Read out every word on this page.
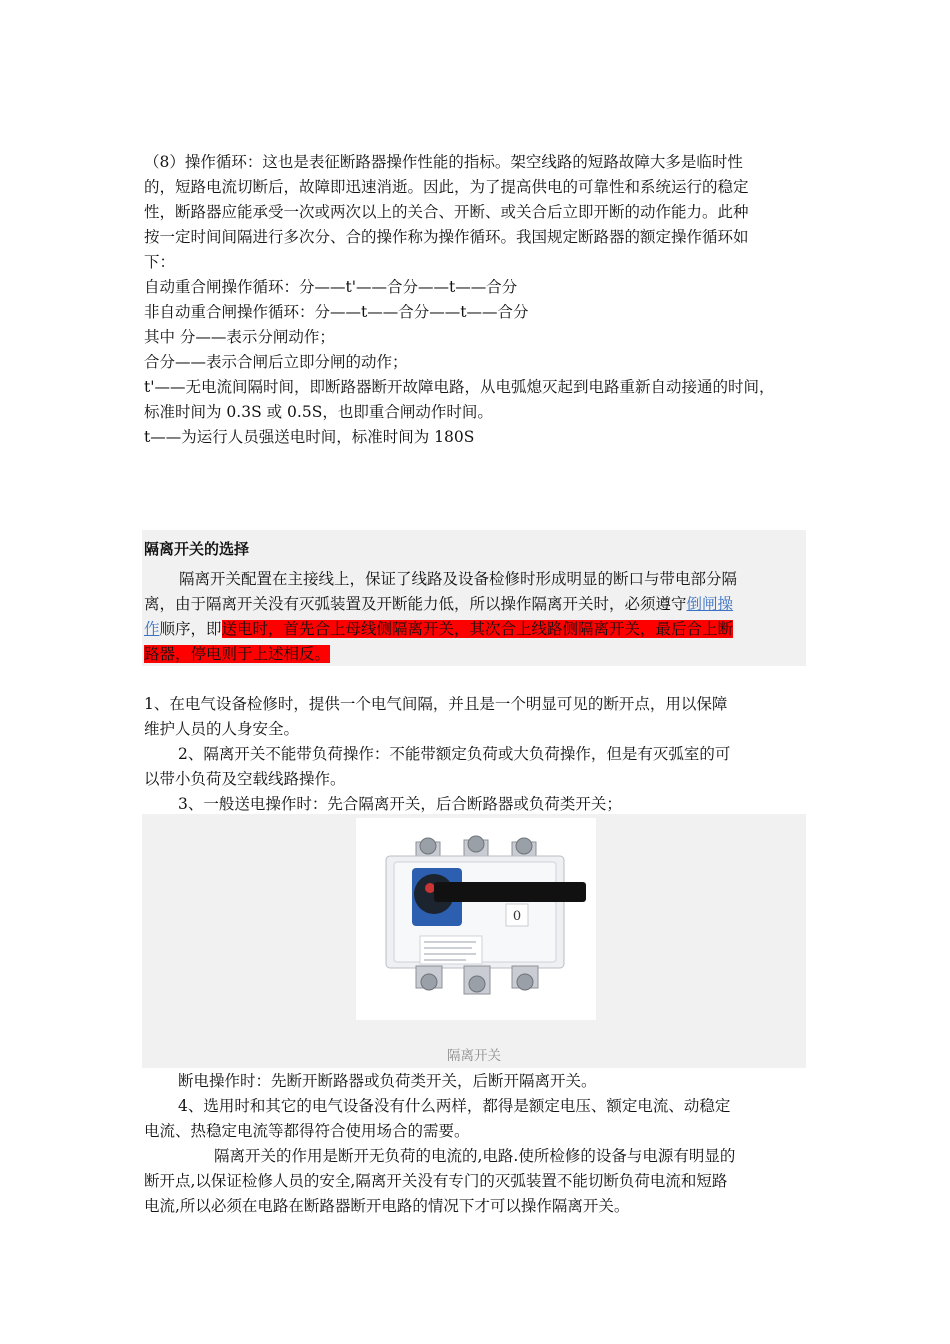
（8）操作循环：这也是表征断路器操作性能的指标。架空线路的短路故障大多是临时性
的，短路电流切断后，故障即迅速消逝。因此，为了提高供电的可靠性和系统运行的稳定
性，断路器应能承受一次或两次以上的关合、开断、或关合后立即开断的动作能力。此种
按一定时间间隔进行多次分、合的操作称为操作循环。我国规定断路器的额定操作循环如
下：
自动重合闸操作循环：分——t'——合分——t——合分
非自动重合闸操作循环：分——t——合分——t——合分
其中 分——表示分闸动作；
合分——表示合闸后立即分闸的动作；
t'——无电流间隔时间，即断路器断开故障电路，从电弧熄灭起到电路重新自动接通的时间，
标准时间为 0.3S 或 0.5S，也即重合闸动作时间。
t——为运行人员强送电时间，标准时间为 180S
隔离开关的选择
隔离开关配置在主接线上，保证了线路及设备检修时形成明显的断口与带电部分隔
离，由于隔离开关没有灭弧装置及开断能力低，所以操作隔离开关时，必须遵守倒闸操
作顺序，即送电时，首先合上母线侧隔离开关，其次合上线路侧隔离开关，最后合上断
路器，停电则于上述相反。
1、在电气设备检修时，提供一个电气间隔，并且是一个明显可见的断开点，用以保障
维护人员的人身安全。
2、隔离开关不能带负荷操作：不能带额定负荷或大负荷操作，但是有灭弧室的可
以带小负荷及空载线路操作。
3、一般送电操作时：先合隔离开关，后合断路器或负荷类开关；
0
隔离开关
断电操作时：先断开断路器或负荷类开关，后断开隔离开关。
4、选用时和其它的电气设备没有什么两样，都得是额定电压、额定电流、动稳定
电流、热稳定电流等都得符合使用场合的需要。
隔离开关的作用是断开无负荷的电流的,电路.使所检修的设备与电源有明显的
断开点,以保证检修人员的安全,隔离开关没有专门的灭弧装置不能切断负荷电流和短路
电流,所以必须在电路在断路器断开电路的情况下才可以操作隔离开关。
